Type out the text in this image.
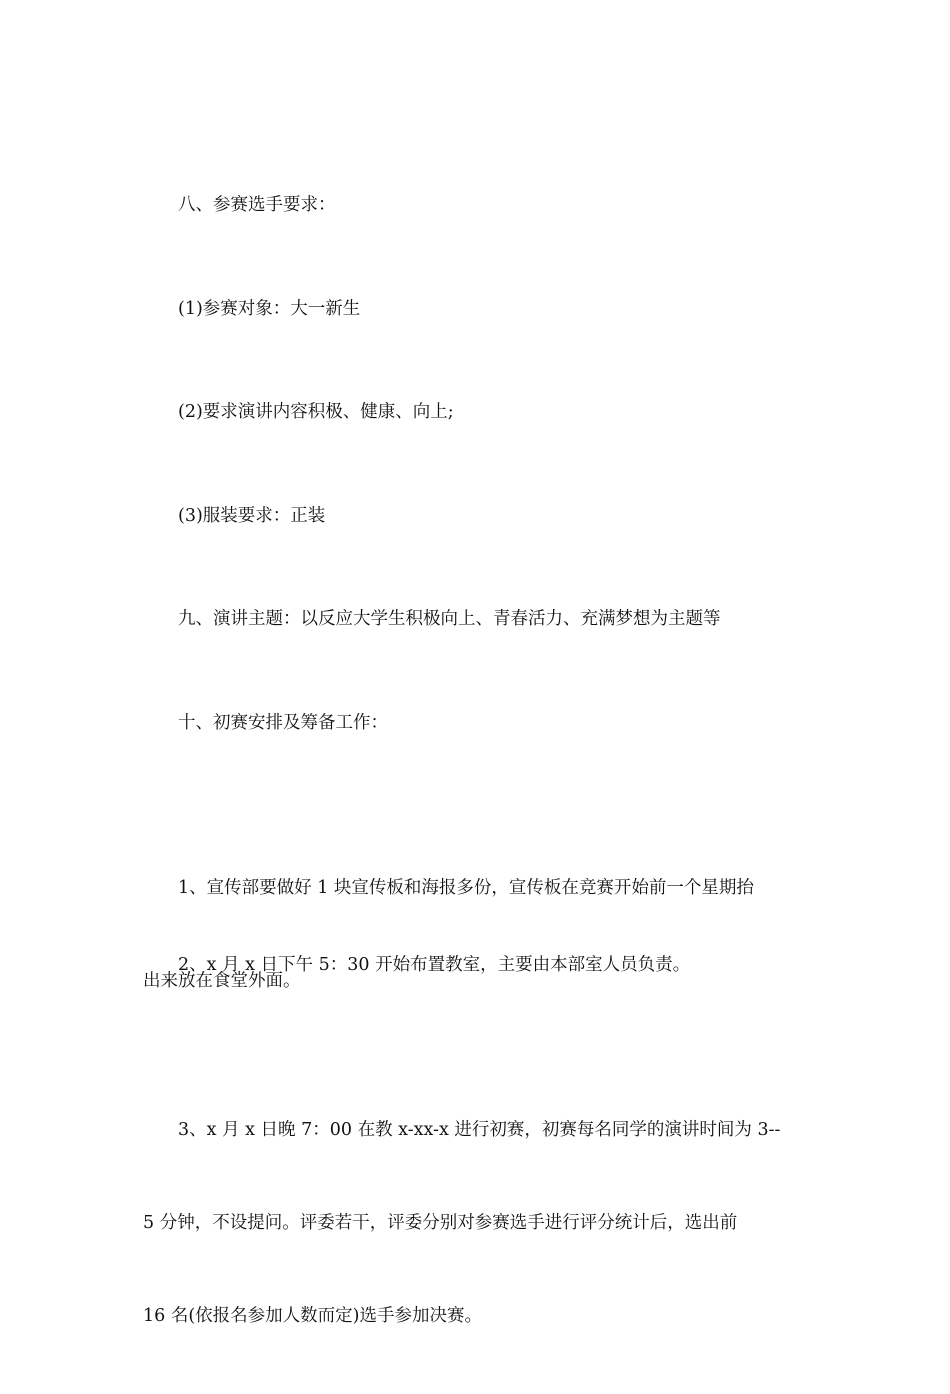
　　八、参赛选手要求：

　　(1)参赛对象：大一新生

　　(2)要求演讲内容积极、健康、向上;

　　(3)服装要求：正装

　　九、演讲主题：以反应大学生积极向上、青春活力、充满梦想为主题等

　　十、初赛安排及筹备工作：

　　1、宣传部要做好 1 块宣传板和海报多份，宣传板在竞赛开始前一个星期抬

出来放在食堂外面。

　　2、x 月 x 日下午 5：30 开始布置教室，主要由本部室人员负责。

　　3、x 月 x 日晚 7：00 在教 x-xx-x 进行初赛，初赛每名同学的演讲时间为 3--

5 分钟，不设提问。评委若干，评委分别对参赛选手进行评分统计后，选出前

16 名(依报名参加人数而定)选手参加决赛。
